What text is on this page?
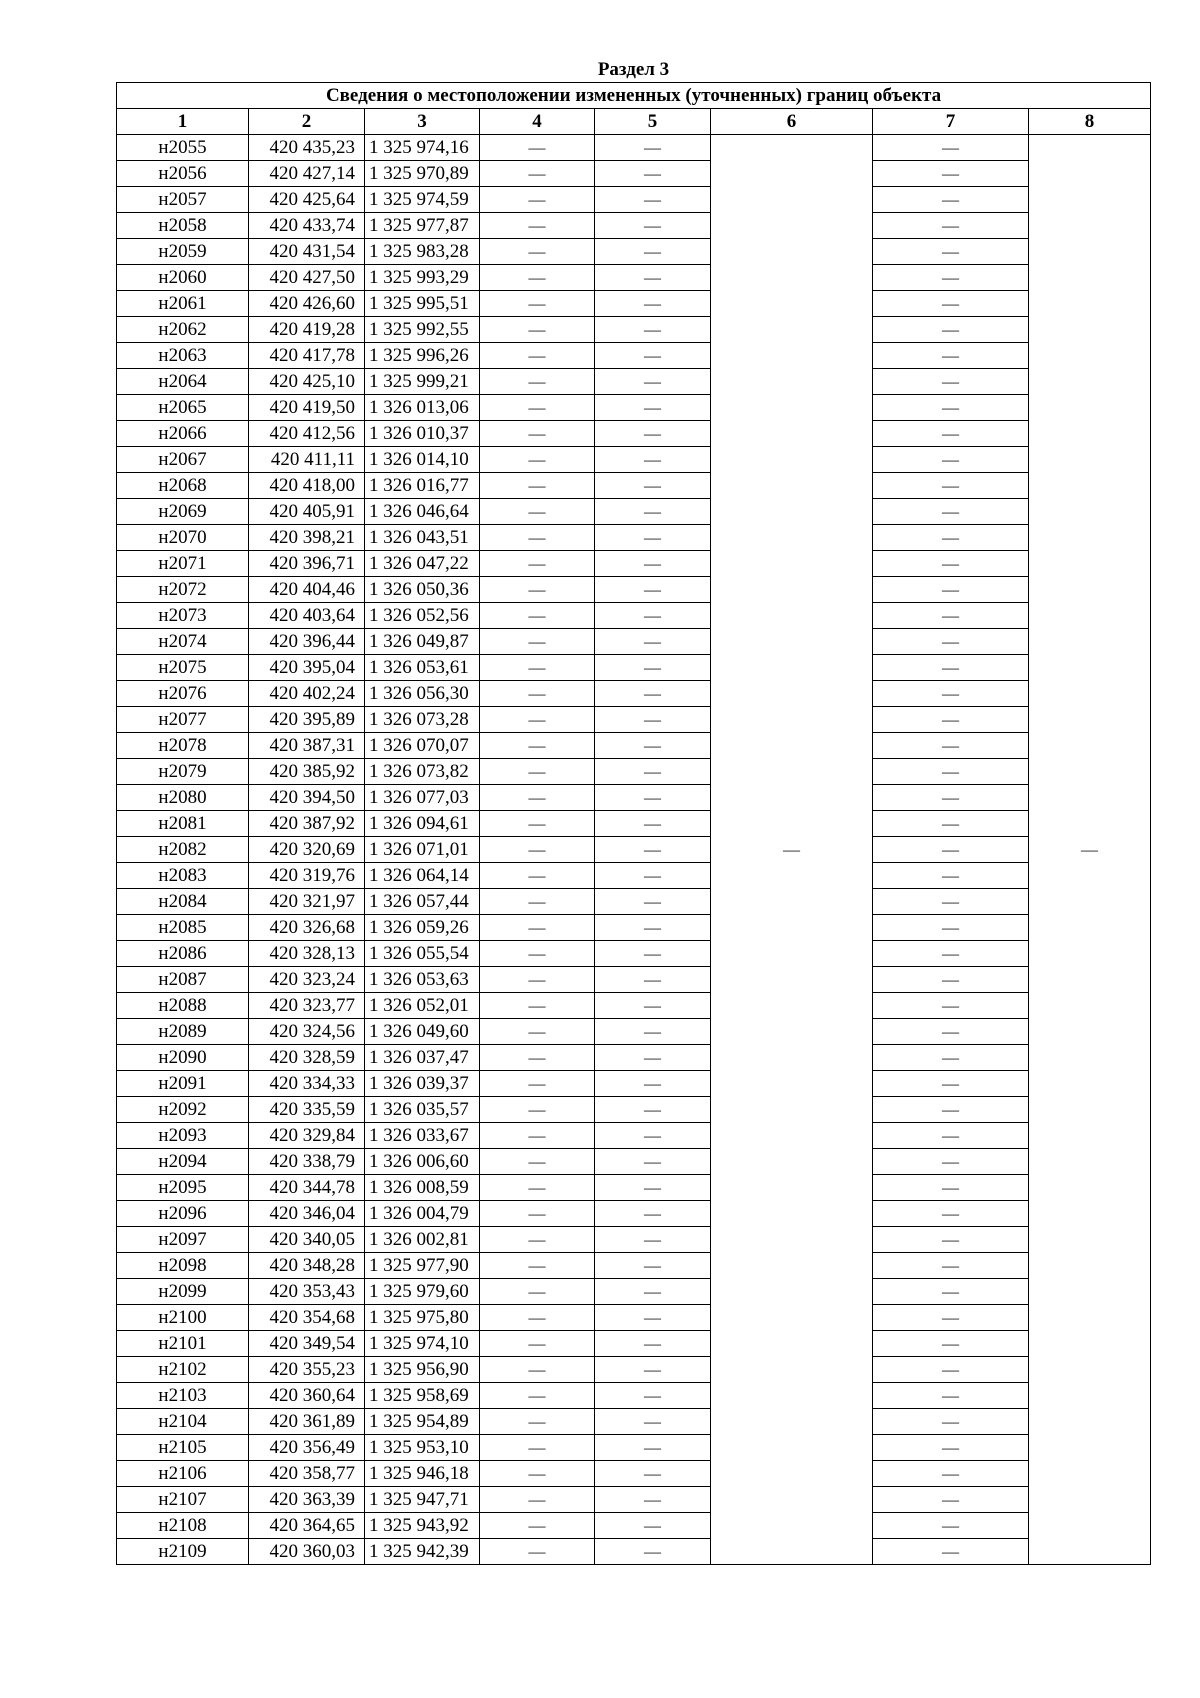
Раздел 3
Сведения о местоположении измененных (уточненных) границ объекта							
1	2	3	4	5	6	7	8
н2055	420 435,23	1 325 974,16	—	—	—	—	—
н2056	420 427,14	1 325 970,89	—	—		—	
н2057	420 425,64	1 325 974,59	—	—		—	
н2058	420 433,74	1 325 977,87	—	—		—	
н2059	420 431,54	1 325 983,28	—	—		—	
н2060	420 427,50	1 325 993,29	—	—		—	
н2061	420 426,60	1 325 995,51	—	—		—	
н2062	420 419,28	1 325 992,55	—	—		—	
н2063	420 417,78	1 325 996,26	—	—		—	
н2064	420 425,10	1 325 999,21	—	—		—	
н2065	420 419,50	1 326 013,06	—	—		—	
н2066	420 412,56	1 326 010,37	—	—		—	
н2067	420 411,11	1 326 014,10	—	—		—	
н2068	420 418,00	1 326 016,77	—	—		—	
н2069	420 405,91	1 326 046,64	—	—		—	
н2070	420 398,21	1 326 043,51	—	—		—	
н2071	420 396,71	1 326 047,22	—	—		—	
н2072	420 404,46	1 326 050,36	—	—		—	
н2073	420 403,64	1 326 052,56	—	—		—	
н2074	420 396,44	1 326 049,87	—	—		—	
н2075	420 395,04	1 326 053,61	—	—		—	
н2076	420 402,24	1 326 056,30	—	—		—	
н2077	420 395,89	1 326 073,28	—	—		—	
н2078	420 387,31	1 326 070,07	—	—		—	
н2079	420 385,92	1 326 073,82	—	—		—	
н2080	420 394,50	1 326 077,03	—	—		—	
н2081	420 387,92	1 326 094,61	—	—		—	
н2082	420 320,69	1 326 071,01	—	—		—	
н2083	420 319,76	1 326 064,14	—	—		—	
н2084	420 321,97	1 326 057,44	—	—		—	
н2085	420 326,68	1 326 059,26	—	—		—	
н2086	420 328,13	1 326 055,54	—	—		—	
н2087	420 323,24	1 326 053,63	—	—		—	
н2088	420 323,77	1 326 052,01	—	—		—	
н2089	420 324,56	1 326 049,60	—	—		—	
н2090	420 328,59	1 326 037,47	—	—		—	
н2091	420 334,33	1 326 039,37	—	—		—	
н2092	420 335,59	1 326 035,57	—	—		—	
н2093	420 329,84	1 326 033,67	—	—		—	
н2094	420 338,79	1 326 006,60	—	—		—	
н2095	420 344,78	1 326 008,59	—	—		—	
н2096	420 346,04	1 326 004,79	—	—		—	
н2097	420 340,05	1 326 002,81	—	—		—	
н2098	420 348,28	1 325 977,90	—	—		—	
н2099	420 353,43	1 325 979,60	—	—		—	
н2100	420 354,68	1 325 975,80	—	—		—	
н2101	420 349,54	1 325 974,10	—	—		—	
н2102	420 355,23	1 325 956,90	—	—		—	
н2103	420 360,64	1 325 958,69	—	—		—	
н2104	420 361,89	1 325 954,89	—	—		—	
н2105	420 356,49	1 325 953,10	—	—		—	
н2106	420 358,77	1 325 946,18	—	—		—	
н2107	420 363,39	1 325 947,71	—	—		—	
н2108	420 364,65	1 325 943,92	—	—		—	
н2109	420 360,03	1 325 942,39	—	—		—	
